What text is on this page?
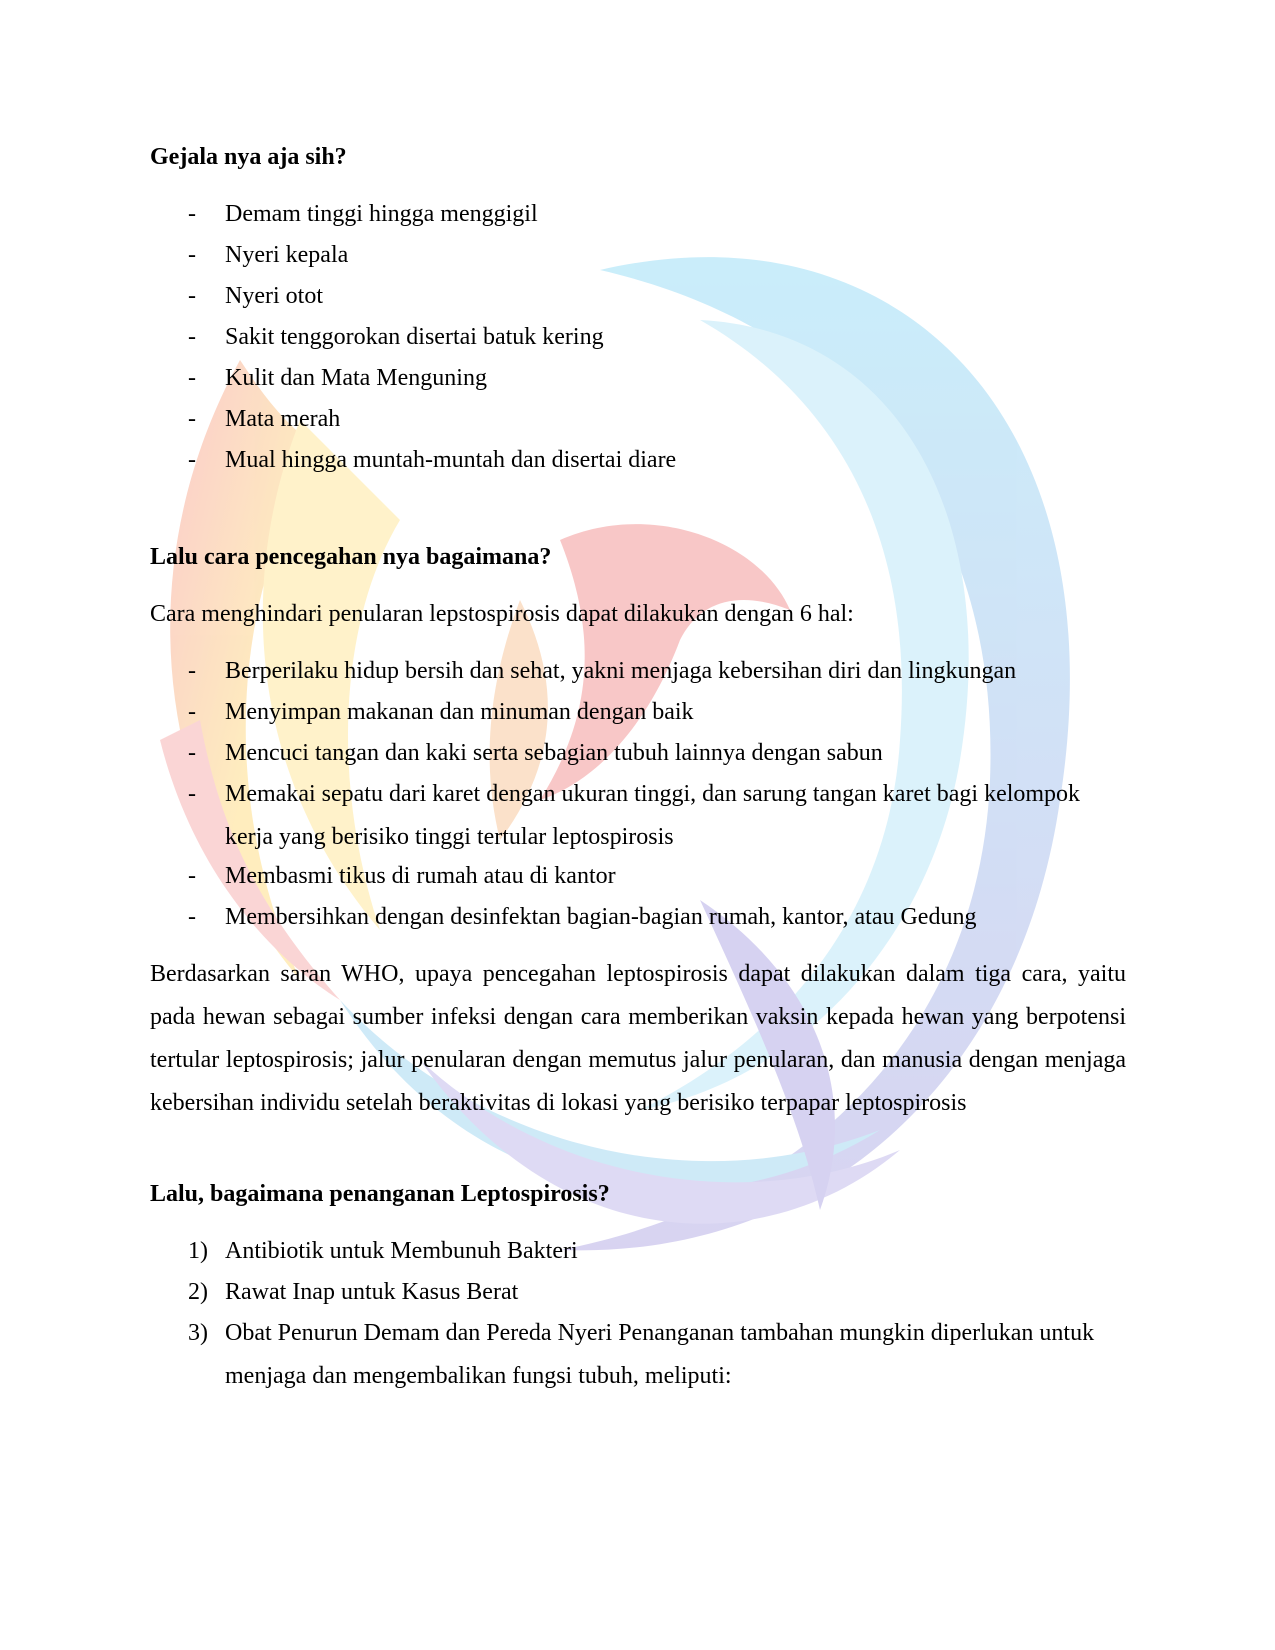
Gejala nya aja sih?
- Demam tinggi hingga menggigil
- Nyeri kepala
- Nyeri otot
- Sakit tenggorokan disertai batuk kering
- Kulit dan Mata Menguning
- Mata merah
- Mual hingga muntah-muntah dan disertai diare
Lalu cara pencegahan nya bagaimana?
Cara menghindari penularan lepstospirosis dapat dilakukan dengan 6 hal:
- Berperilaku hidup bersih dan sehat, yakni menjaga kebersihan diri dan lingkungan
- Menyimpan makanan dan minuman dengan baik
- Mencuci tangan dan kaki serta sebagian tubuh lainnya dengan sabun
- Memakai sepatu dari karet dengan ukuran tinggi, dan sarung tangan karet bagi kelompok kerja yang berisiko tinggi tertular leptospirosis
- Membasmi tikus di rumah atau di kantor
- Membersihkan dengan desinfektan bagian-bagian rumah, kantor, atau Gedung
Berdasarkan saran WHO, upaya pencegahan leptospirosis dapat dilakukan dalam tiga cara, yaitu pada hewan sebagai sumber infeksi dengan cara memberikan vaksin kepada hewan yang berpotensi tertular leptospirosis; jalur penularan dengan memutus jalur penularan, dan manusia dengan menjaga kebersihan individu setelah beraktivitas di lokasi yang berisiko terpapar leptospirosis
Lalu, bagaimana penanganan Leptospirosis?
1) Antibiotik untuk Membunuh Bakteri
2) Rawat Inap untuk Kasus Berat
3) Obat Penurun Demam dan Pereda Nyeri Penanganan tambahan mungkin diperlukan untuk menjaga dan mengembalikan fungsi tubuh, meliputi:
